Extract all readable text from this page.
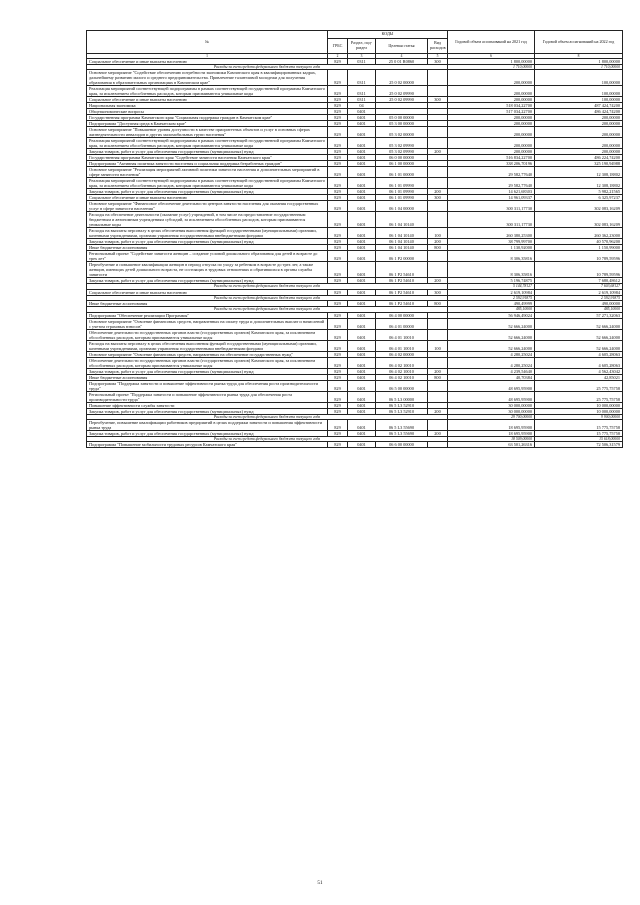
№	КОДЫ				Годовой объем ассигнований на 2021 год	Годовой объем ассигнований на 2022 год
	ГРБС	Раздел, под-раздел	Целевая статья	Вид расходов		
1	2	3	4	5	6	8
Социальное обеспечение и иные выплаты населению	829	0311	25 0 01 R0860	300	1 800,00000	1 800,00000
Расходы за счет средств федерального бюджета текущего года					1 710,00000	1 710,00000
Основное мероприятие "Содействие обеспечению потребности экономики Камчатского края в квалифицированных кадрах, дальнейшему развитию малого и среднего предпринимательства. Привлечение талантливой молодежи для получения образования в образовательных организациях в Камчатском крае"	829	0311	25 0 02 00000		200,00000	100,00000
Реализация мероприятий соответствующей подпрограммы в рамках соответствующей государственной программы Камчатского края, за исключением обособленных расходов, которым присваиваются уникальные коды	829	0311	25 0 02 09990		200,00000	100,00000
Социальное обеспечение и иные выплаты населению	829	0311	25 0 02 09990	300	200,00000	100,00000
Национальная экономика	829	04			518 034,22700	487 424,74200
Общеэкономические вопросы	829	0401			517 034,22700	486 424,74200
Государственная программа Камчатского края "Социальная поддержка граждан в Камчатском крае"	829	0401	05 0 00 00000		200,00000	200,00000
Подпрограмма "Доступная среда в Камчатском крае"	829	0401	05 3 00 00000		200,00000	200,00000
Основное мероприятие "Повышение уровня доступности в качестве приоритетных объектов и услуг в основных сферах жизнедеятельности инвалидов и других маломобильных групп населения"	829	0401	05 3 02 00000		200,00000	200,00000
Реализация мероприятий соответствующей подпрограммы в рамках соответствующей государственной программы Камчатского края, за исключением обособленных расходов, которым присваиваются уникальные коды	829	0401	05 3 02 09990		200,00000	200,00000
Закупка товаров, работ и услуг для обеспечения государственных (муниципальных) нужд	829	0401	05 3 02 09990	200	200,00000	200,00000
Государственная программа Камчатского края "Содействие занятости населения Камчатского края"	829	0401	06 0 00 00000		516 834,22700	486 224,74200
Подпрограмма "Активная политика занятости населения и социальная поддержка безработных граждан"	829	0401	06 1 00 00000		338 206,70196	325 190,94988
Основное мероприятие "Реализация мероприятий активной политики занятости населения и дополнительных мероприятий в сфере занятости населения"	829	0401	06 1 01 00000		29 582,77640	12 308,18802
Реализация мероприятий соответствующей подпрограммы в рамках соответствующей государственной программы Камчатского края, за исключением обособленных расходов, которым присваиваются уникальные коды	829	0401	06 1 01 09990		29 582,77640	12 308,18802
Закупка товаров, работ и услуг для обеспечения государственных (муниципальных) нужд	829	0401	06 1 01 09990	200	14 621,68303	5 982,21565
Социальное обеспечение и иные выплаты населению	829	0401	06 1 01 09990	300	14 961,09337	6 325,97237
Основное мероприятие "Финансовое обеспечение деятельности центров занятости населения для оказания государственных услуг в сфере занятости населения"	829	0401	06 1 04 00000		300 311,17730	302 083,16209
Расходы на обеспечение деятельности (оказание услуг) учреждений, в том числе на предоставление государственным бюджетным и автономным учреждениям субсидий, за исключением обособленных расходов, которым присваиваются уникальные коды	829	0401	06 1 04 10140		300 311,17730	302 083,16209
Расходы на выплаты персоналу в целях обеспечения выполнения функций государственными (муниципальными) органами, казенными учреждениями, органами управления государственными внебюджетными фондами	829	0401	06 1 04 10140	100	260 380,25300	260 362,23000
Закупка товаров, работ и услуг для обеспечения государственных (муниципальных) нужд	829	0401	06 1 04 10140	200	38 799,99700	40 570,96200
Иные бюджетные ассигнования	829	0401	06 1 04 10140	800	1 130,92000	1 150,99000
Региональный проект "Содействие занятости женщин – создание условий дошкольного образования для детей в возрасте до трех лет"	829	0401	06 1 P2 00000		8 306,35816	10 789,59596
Переобучение и повышение квалификации женщин в период отпуска по уходу за ребенком в возрасте до трех лет, а также женщин, имеющих детей дошкольного возраста, не состоящих в трудовых отношениях и обратившихся в органы службы занятости	829	0401	06 1 P2 54610		8 306,35816	10 789,59596
Закупка товаров, работ и услуг для обеспечения государственных (муниципальных) нужд	829	0401	06 1 P2 54610	200	5 196,74875	7 680,48612
Расходы за счет средств федерального бюджета текущего года					5 144,78127	7 603,68127
Социальное обеспечение и иные выплаты населению	829	0401	06 1 P2 54610	300	2 619,10984	2 619,10984
Расходы за счет средств федерального бюджета текущего года					2 592,91875	2 592,91875
Иные бюджетные ассигнования	829	0401	06 1 P2 54610	800	490,49999	490,00000
Расходы за счет средств федерального бюджета текущего года					485,10000	485,10000
Подпрограмма "Обеспечение реализации Программы"	829	0401	06 4 00 00000		56 946,49024	57 271,32063
Основное мероприятие "Освоение финансовых средств, направленных на оплату труда и дополнительных выплат и начислений с учетом страховых взносов"	829	0401	06 4 01 00000		52 666,24000	52 666,24000
Обеспечение деятельности государственных органов власти (государственных органов) Камчатского края, за исключением обособленных расходов, которым присваиваются уникальные коды	829	0401	06 4 01 10010		52 666,24000	52 666,24000
Расходы на выплаты персоналу в целях обеспечения выполнения функций государственными (муниципальными) органами, казенными учреждениями, органами управления государственными внебюджетными фондами	829	0401	06 4 01 10010	100	52 666,24000	52 666,24000
Основное мероприятие "Освоение финансовых средств, направленных на обеспечение государственных нужд"	829	0401	06 4 02 00000		4 280,25024	4 605,28063
Обеспечение деятельности государственных органов власти (государственных органов) Камчатского края, за исключением обособленных расходов, которым присваиваются уникальные коды	829	0401	06 4 02 10010		4 280,25024	4 605,28063
Закупка товаров, работ и услуг для обеспечения государственных (муниципальных) нужд	829	0401	06 4 02 10010	200	4 239,54640	4 562,43042
Иные бюджетные ассигнования	829	0401	06 4 02 10010	800	40,70384	42,85021
Подпрограмма "Поддержка занятости и повышение эффективности рынка труда для обеспечения роста производительности труда"	829	0401	06 5 00 00000		48 695,95900	25 775,75758
Региональный проект "Поддержка занятости и повышение эффективности рынка труда для обеспечения роста производительности труда"	829	0401	06 5 L3 00000		48 695,95900	25 775,75758
Повышение эффективности службы занятости	829	0401	06 5 L3 52910		30 000,00000	10 000,00000
Закупка товаров, работ и услуг для обеспечения государственных (муниципальных) нужд	829	0401	06 5 L3 52910	200	30 000,00000	10 000,00000
Расходы за счет средств федерального бюджета текущего года					29 700,00000	9 900,00000
Переобучение, повышение квалификации работников предприятий в целях поддержки занятости и повышения эффективности рынка труда	829	0401	06 5 L3 55690		18 695,95900	15 775,75758
Закупка товаров, работ и услуг для обеспечения государственных (муниципальных) нужд	829	0401	06 5 L3 55690	200	18 695,95900	15 775,75758
Расходы за счет средств федерального бюджета текущего года					18 509,00000	15 618,00000
Подпрограмма "Повышение мобильности трудовых ресурсов Камчатского края"	829	0401	06 6 00 00000		63 501,26316	72 506,31579
51
